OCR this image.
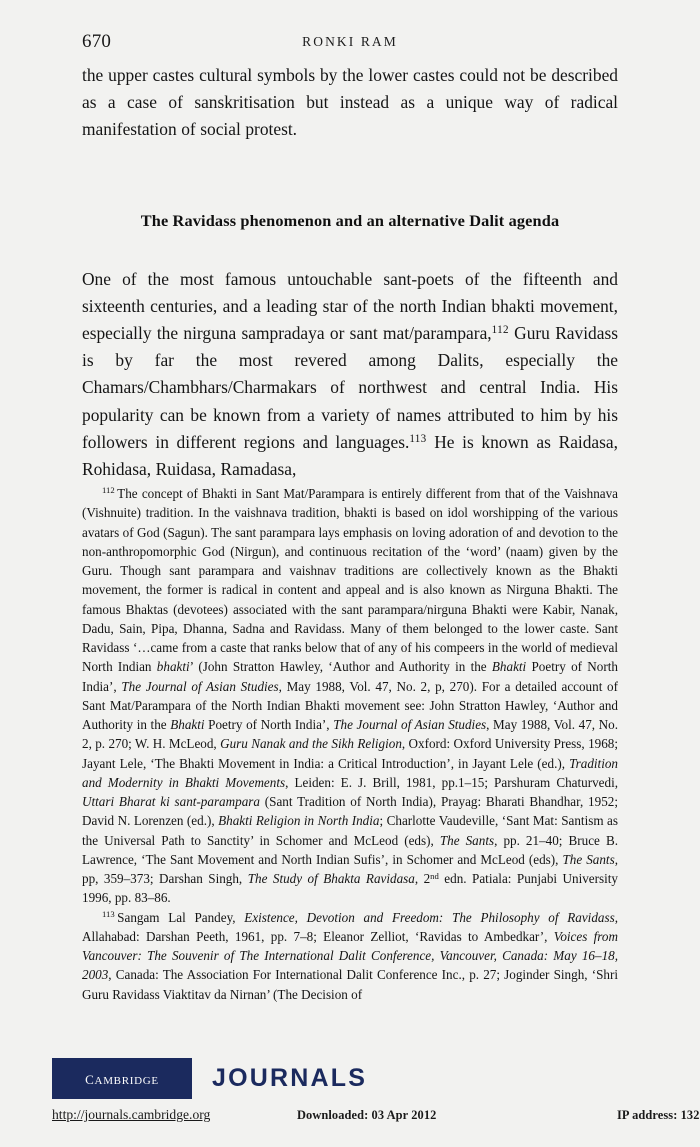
670	RONKI RAM

the upper castes cultural symbols by the lower castes could not be described as a case of sanskritisation but instead as a unique way of radical manifestation of social protest.

The Ravidass phenomenon and an alternative Dalit agenda

One of the most famous untouchable sant-poets of the fifteenth and sixteenth centuries, and a leading star of the north Indian bhakti movement, especially the nirguna sampradaya or sant mat/parampara,$^{112}$ Guru Ravidass is by far the most revered among Dalits, especially the Chamars/Chambhars/Charmakars of northwest and central India. His popularity can be known from a variety of names attributed to him by his followers in different regions and languages.$^{113}$ He is known as Raidasa, Rohidasa, Ruidasa, Ramadasa,

$^{112}$ The concept of Bhakti in Sant Mat/Parampara is entirely different from that of the Vaishnava (Vishnuite) tradition. In the vaishnava tradition, bhakti is based on idol worshipping of the various avatars of God (Sagun). The sant parampara lays emphasis on loving adoration of and devotion to the non-anthropomorphic God (Nirgun), and continuous recitation of the ‘word’ (naam) given by the Guru. Though sant parampara and vaishnav traditions are collectively known as the Bhakti movement, the former is radical in content and appeal and is also known as Nirguna Bhakti. The famous Bhaktas (devotees) associated with the sant parampara/nirguna Bhakti were Kabir, Nanak, Dadu, Sain, Pipa, Dhanna, Sadna and Ravidass. Many of them belonged to the lower caste. Sant Ravidass ‘…came from a caste that ranks below that of any of his compeers in the world of medieval North Indian bhakti’ (John Stratton Hawley, ‘Author and Authority in the Bhakti Poetry of North India’, The Journal of Asian Studies, May 1988, Vol. 47, No. 2, p, 270). For a detailed account of Sant Mat/Parampara of the North Indian Bhakti movement see: John Stratton Hawley, ‘Author and Authority in the Bhakti Poetry of North India’, The Journal of Asian Studies, May 1988, Vol. 47, No. 2, p. 270; W. H. McLeod, Guru Nanak and the Sikh Religion, Oxford: Oxford University Press, 1968; Jayant Lele, ‘The Bhakti Movement in India: a Critical Introduction’, in Jayant Lele (ed.), Tradition and Modernity in Bhakti Movements, Leiden: E. J. Brill, 1981, pp.1–15; Parshuram Chaturvedi, Uttari Bharat ki sant-parampara (Sant Tradition of North India), Prayag: Bharati Bhandhar, 1952; David N. Lorenzen (ed.), Bhakti Religion in North India; Charlotte Vaudeville, ‘Sant Mat: Santism as the Universal Path to Sanctity’ in Schomer and McLeod (eds), The Sants, pp. 21–40; Bruce B. Lawrence, ‘The Sant Movement and North Indian Sufis’, in Schomer and McLeod (eds), The Sants, pp, 359–373; Darshan Singh, The Study of Bhakta Ravidasa, 2nd edn. Patiala: Punjabi University 1996, pp. 83–86.

$^{113}$ Sangam Lal Pandey, Existence, Devotion and Freedom: The Philosophy of Ravidass, Allahabad: Darshan Peeth, 1961, pp. 7–8; Eleanor Zelliot, ‘Ravidas to Ambedkar’, Voices from Vancouver: The Souvenir of The International Dalit Conference, Vancouver, Canada: May 16–18, 2003, Canada: The Association For International Dalit Conference Inc., p. 27; Joginder Singh, ‘Shri Guru Ravidass Viaktitav da Nirnan’ (The Decision of

cambridge JOURNALS
http://journals.cambridge.org	Downloaded: 03 Apr 2012	IP address: 132
